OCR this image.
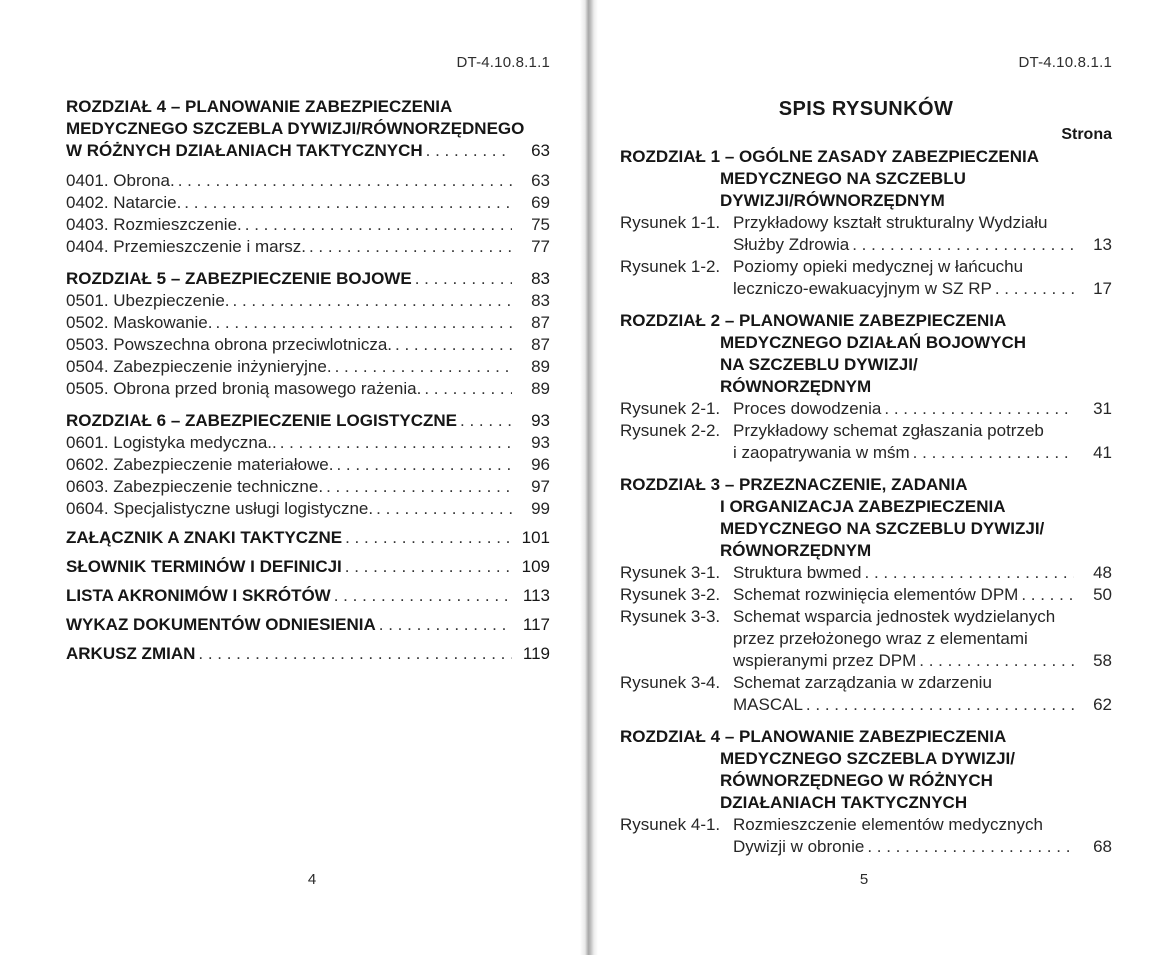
DT-4.10.8.1.1
ROZDZIAŁ 4 – PLANOWANIE ZABEZPIECZENIA
MEDYCZNEGO SZCZEBLA DYWIZJI/RÓWNORZĘDNEGO
W RÓŻNYCH DZIAŁANIACH TAKTYCZNYCH . . .	63
0401. Obrona. . . .	63
0402. Natarcie. . . .	69
0403. Rozmieszczenie. . . .	75
0404. Przemieszczenie i marsz. . . .	77
ROZDZIAŁ 5 – ZABEZPIECZENIE BOJOWE . . .	83
0501. Ubezpieczenie. . . .	83
0502. Maskowanie. . . .	87
0503. Powszechna obrona przeciwlotnicza. . . .	87
0504. Zabezpieczenie inżynieryjne. . . .	89
0505. Obrona przed bronią masowego rażenia. . . .	89
ROZDZIAŁ 6 – ZABEZPIECZENIE LOGISTYCZNE . . .	93
0601. Logistyka medyczna.. . . .	93
0602. Zabezpieczenie materiałowe. . . .	96
0603. Zabezpieczenie techniczne. . . .	97
0604. Specjalistyczne usługi logistyczne. . . .	99
ZAŁĄCZNIK A ZNAKI TAKTYCZNE . . .	101
SŁOWNIK TERMINÓW I DEFINICJI . . .	109
LISTA AKRONIMÓW I SKRÓTÓW . . .	113
WYKAZ DOKUMENTÓW ODNIESIENIA . . .	117
ARKUSZ ZMIAN . . .	119
DT-4.10.8.1.1
SPIS RYSUNKÓW
Strona
ROZDZIAŁ 1 – OGÓLNE ZASADY ZABEZPIECZENIA
MEDYCZNEGO NA SZCZEBLU
DYWIZJI/RÓWNORZĘDNYM
Rysunek 1-1. Przykładowy kształt strukturalny Wydziału
Służby Zdrowia . . .	13
Rysunek 1-2. Poziomy opieki medycznej w łańcuchu
leczniczo-ewakuacyjnym w SZ RP . . .	17
ROZDZIAŁ 2 – PLANOWANIE ZABEZPIECZENIA
MEDYCZNEGO DZIAŁAŃ BOJOWYCH
NA SZCZEBLU DYWIZJI/
RÓWNORZĘDNYM
Rysunek 2-1. Proces dowodzenia . . .	31
Rysunek 2-2. Przykładowy schemat zgłaszania potrzeb
i zaopatrywania w mśm . . .	41
ROZDZIAŁ 3 – PRZEZNACZENIE, ZADANIA
I ORGANIZACJA ZABEZPIECZENIA
MEDYCZNEGO NA SZCZEBLU DYWIZJI/
RÓWNORZĘDNYM
Rysunek 3-1. Struktura bwmed . . .	48
Rysunek 3-2. Schemat rozwinięcia elementów DPM . . .	50
Rysunek 3-3. Schemat wsparcia jednostek wydzielanych
przez przełożonego wraz z elementami
wspieranymi przez DPM . . .	58
Rysunek 3-4. Schemat zarządzania w zdarzeniu
MASCAL . . .	62
ROZDZIAŁ 4 – PLANOWANIE ZABEZPIECZENIA
MEDYCZNEGO SZCZEBLA DYWIZJI/
RÓWNORZĘDNEGO W RÓŻNYCH
DZIAŁANIACH TAKTYCZNYCH
Rysunek 4-1. Rozmieszczenie elementów medycznych
Dywizji w obronie . . .	68
4	5
